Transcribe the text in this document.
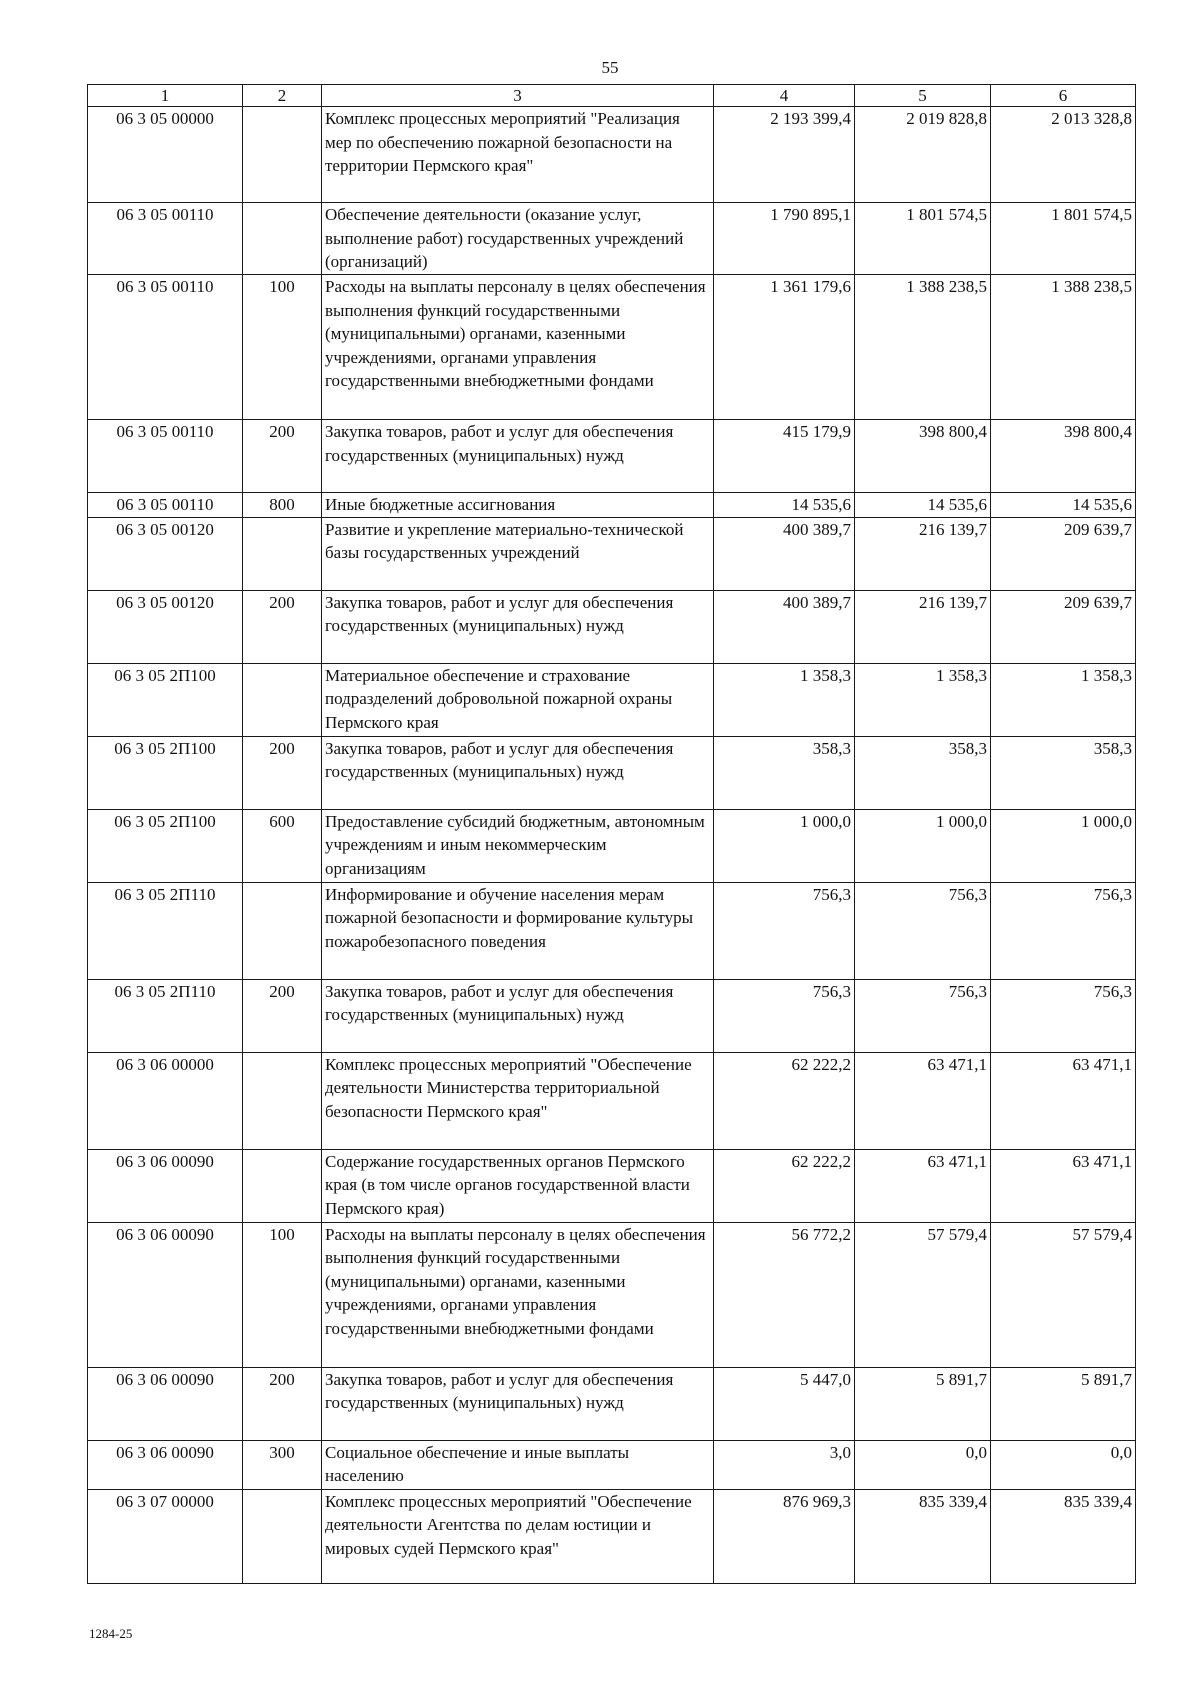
55
1	2	3	4	5	6
06 3 05 00000		Комплекс процессных мероприятий "Реализация мер по обеспечению пожарной безопасности на территории Пермского края"	2 193 399,4	2 019 828,8	2 013 328,8
06 3 05 00110		Обеспечение деятельности (оказание услуг, выполнение работ) государственных учреждений (организаций)	1 790 895,1	1 801 574,5	1 801 574,5
06 3 05 00110	100	Расходы на выплаты персоналу в целях обеспечения выполнения функций государственными (муниципальными) органами, казенными учреждениями, органами управления государственными внебюджетными фондами	1 361 179,6	1 388 238,5	1 388 238,5
06 3 05 00110	200	Закупка товаров, работ и услуг для обеспечения государственных (муниципальных) нужд	415 179,9	398 800,4	398 800,4
06 3 05 00110	800	Иные бюджетные ассигнования	14 535,6	14 535,6	14 535,6
06 3 05 00120		Развитие и укрепление материально-технической базы государственных учреждений	400 389,7	216 139,7	209 639,7
06 3 05 00120	200	Закупка товаров, работ и услуг для обеспечения государственных (муниципальных) нужд	400 389,7	216 139,7	209 639,7
06 3 05 2П100		Материальное обеспечение и страхование подразделений добровольной пожарной охраны Пермского края	1 358,3	1 358,3	1 358,3
06 3 05 2П100	200	Закупка товаров, работ и услуг для обеспечения государственных (муниципальных) нужд	358,3	358,3	358,3
06 3 05 2П100	600	Предоставление субсидий бюджетным, автономным учреждениям и иным некоммерческим организациям	1 000,0	1 000,0	1 000,0
06 3 05 2П110		Информирование и обучение населения мерам пожарной безопасности и формирование культуры пожаробезопасного поведения	756,3	756,3	756,3
06 3 05 2П110	200	Закупка товаров, работ и услуг для обеспечения государственных (муниципальных) нужд	756,3	756,3	756,3
06 3 06 00000		Комплекс процессных мероприятий "Обеспечение деятельности Министерства территориальной безопасности Пермского края"	62 222,2	63 471,1	63 471,1
06 3 06 00090		Содержание государственных органов Пермского края (в том числе органов государственной власти Пермского края)	62 222,2	63 471,1	63 471,1
06 3 06 00090	100	Расходы на выплаты персоналу в целях обеспечения выполнения функций государственными (муниципальными) органами, казенными учреждениями, органами управления государственными внебюджетными фондами	56 772,2	57 579,4	57 579,4
06 3 06 00090	200	Закупка товаров, работ и услуг для обеспечения государственных (муниципальных) нужд	5 447,0	5 891,7	5 891,7
06 3 06 00090	300	Социальное обеспечение и иные выплаты населению	3,0	0,0	0,0
06 3 07 00000		Комплекс процессных мероприятий "Обеспечение деятельности Агентства по делам юстиции и мировых судей Пермского края"	876 969,3	835 339,4	835 339,4
1284-25
